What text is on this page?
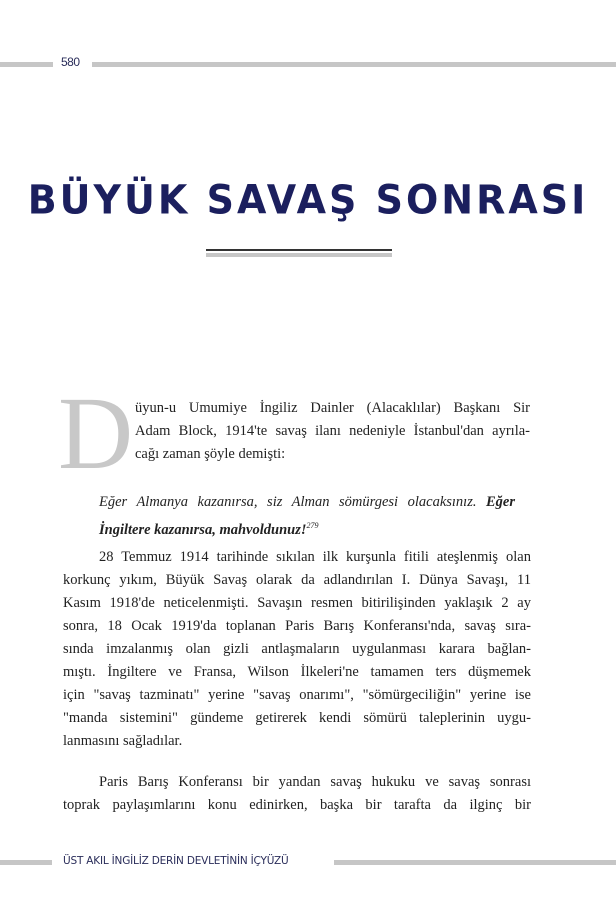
580
BÜYÜK SAVAŞ SONRASI
D üyun-u Umumiye İngiliz Dainler (Alacaklılar) Başkanı Sir
Adam Block, 1914'te savaş ilanı nedeniyle İstanbul'dan ayrıla-
cağı zaman şöyle demişti:
Eğer Almanya kazanırsa, siz Alman sömürgesi olacaksınız. Eğer
İngiltere kazanırsa, mahvoldunuz!$^{279}$
28 Temmuz 1914 tarihinde sıkılan ilk kurşunla fitili ateşlenmiş olan
korkunç yıkım, Büyük Savaş olarak da adlandırılan I. Dünya Savaşı, 11
Kasım 1918'de neticelenmişti. Savaşın resmen bitirilişinden yaklaşık 2 ay
sonra, 18 Ocak 1919'da toplanan Paris Barış Konferansı'nda, savaş sıra-
sında imzalanmış olan gizli antlaşmaların uygulanması karara bağlan-
mıştı. İngiltere ve Fransa, Wilson İlkeleri'ne tamamen ters düşmemek
için "savaş tazminatı" yerine "savaş onarımı", "sömürgeciliğin" yerine ise
"manda sistemini" gündeme getirerek kendi sömürü taleplerinin uygu-
lanmasını sağladılar.
Paris Barış Konferansı bir yandan savaş hukuku ve savaş sonrası
toprak paylaşımlarını konu edinirken, başka bir tarafta da ilginç bir
ÜST AKIL İNGİLİZ DERİN DEVLETİNİN İÇYÜZÜ
